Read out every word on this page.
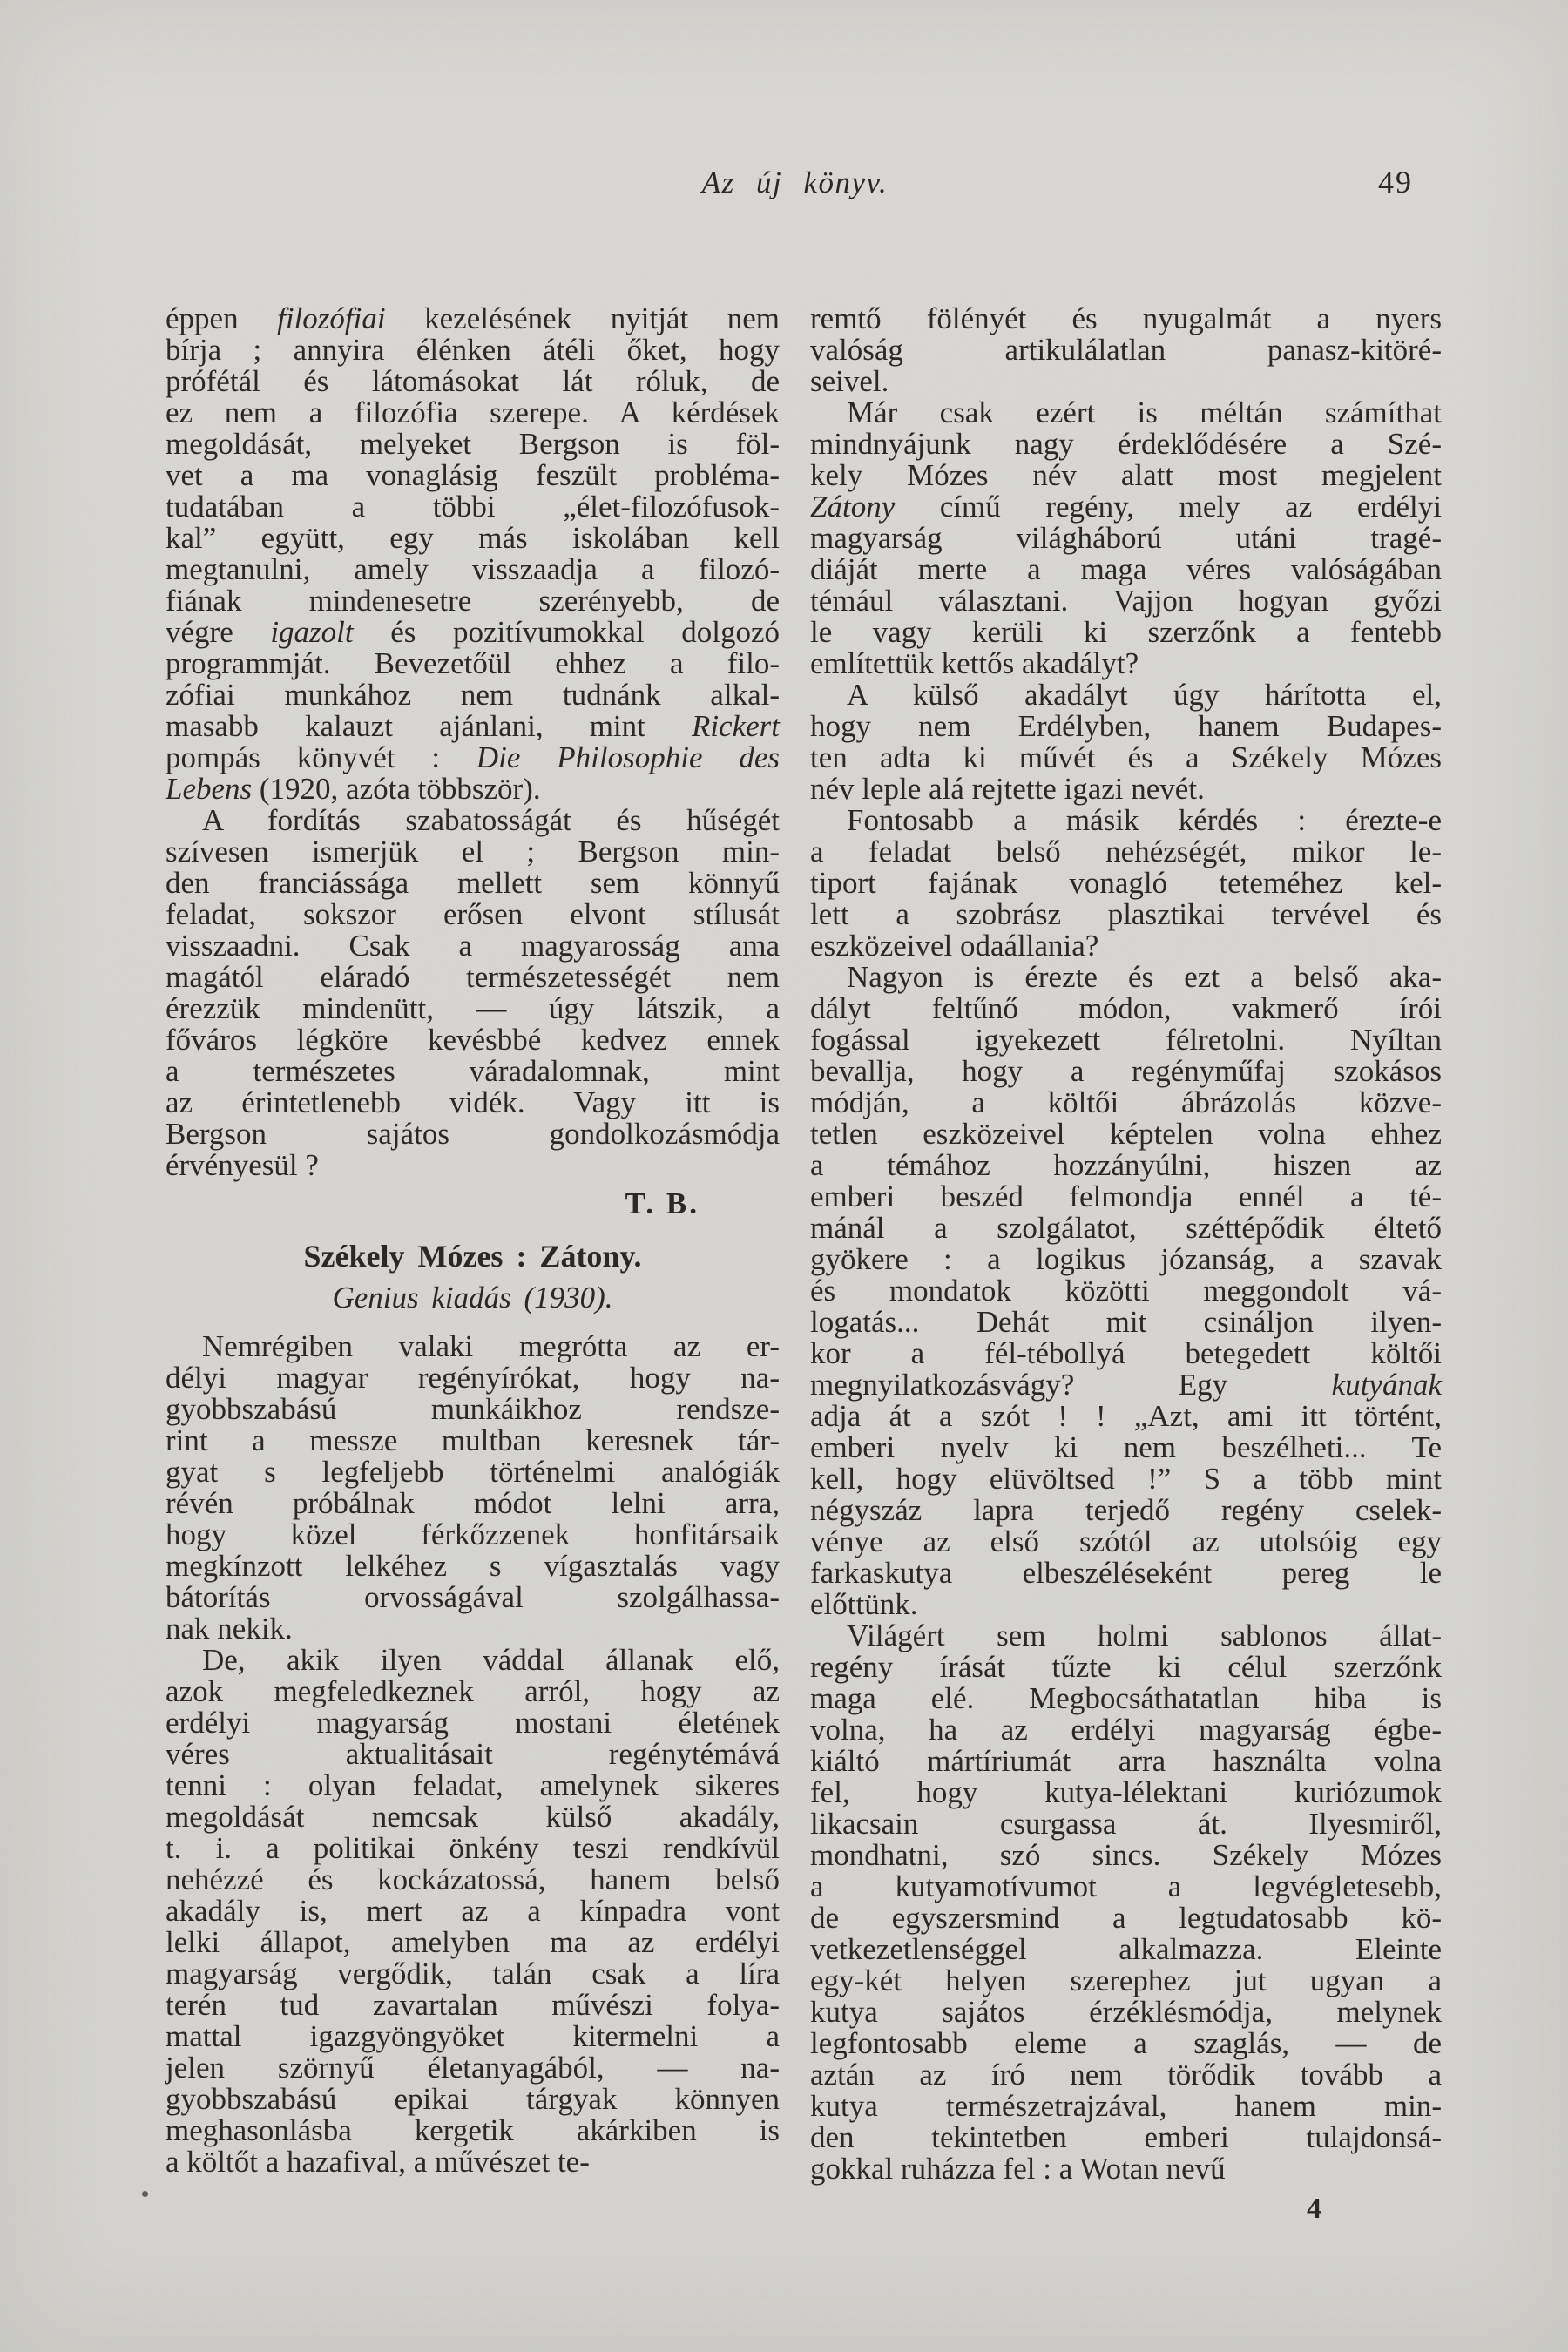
Az új könyv.	49
éppen filozófiai kezelésének nyitját nem
bírja ; annyira élénken átéli őket, hogy
prófétál és látomásokat lát róluk, de
ez nem a filozófia szerepe. A kérdések
megoldását, melyeket Bergson is föl-
vet a ma vonaglásig feszült probléma-
tudatában a többi „élet-filozófusok-
kal” együtt, egy más iskolában kell
megtanulni, amely visszaadja a filozó-
fiának mindenesetre szerényebb, de
végre igazolt és pozitívumokkal dolgozó
programmját. Bevezetőül ehhez a filo-
zófiai munkához nem tudnánk alkal-
masabb kalauzt ajánlani, mint Rickert
pompás könyvét : Die Philosophie des
Lebens (1920, azóta többször).
A fordítás szabatosságát és hűségét
szívesen ismerjük el ; Bergson min-
den franciássága mellett sem könnyű
feladat, sokszor erősen elvont stílusát
visszaadni. Csak a magyarosság ama
magától eláradó természetességét nem
érezzük mindenütt, — úgy látszik, a
főváros légköre kevésbbé kedvez ennek
a természetes váradalomnak, mint
az érintetlenebb vidék. Vagy itt is
Bergson sajátos gondolkozásmódja
érvényesül ?
T. B.
Székely Mózes : Zátony.
Genius kiadás (1930).
Nemrégiben valaki megrótta az er-
délyi magyar regényírókat, hogy na-
gyobbszabású munkáikhoz rendsze-
rint a messze multban keresnek tár-
gyat s legfeljebb történelmi analógiák
révén próbálnak módot lelni arra,
hogy közel férkőzzenek honfitársaik
megkínzott lelkéhez s vígasztalás vagy
bátorítás orvosságával szolgálhassa-
nak nekik.
De, akik ilyen váddal állanak elő,
azok megfeledkeznek arról, hogy az
erdélyi magyarság mostani életének
véres aktualitásait regénytémává
tenni : olyan feladat, amelynek sikeres
megoldását nemcsak külső akadály,
t. i. a politikai önkény teszi rendkívül
nehézzé és kockázatossá, hanem belső
akadály is, mert az a kínpadra vont
lelki állapot, amelyben ma az erdélyi
magyarság vergődik, talán csak a líra
terén tud zavartalan művészi folya-
mattal igazgyöngyöket kitermelni a
jelen szörnyű életanyagából, — na-
gyobbszabású epikai tárgyak könnyen
meghasonlásba kergetik akárkiben is
a költőt a hazafival, a művészet te-
remtő fölényét és nyugalmát a nyers
valóság artikulálatlan panasz-kitöré-
seivel.
Már csak ezért is méltán számíthat
mindnyájunk nagy érdeklődésére a Szé-
kely Mózes név alatt most megjelent
Zátony című regény, mely az erdélyi
magyarság világháború utáni tragé-
diáját merte a maga véres valóságában
témául választani. Vajjon hogyan győzi
le vagy kerüli ki szerzőnk a fentebb
említettük kettős akadályt?
A külső akadályt úgy hárította el,
hogy nem Erdélyben, hanem Budapes-
ten adta ki művét és a Székely Mózes
név leple alá rejtette igazi nevét.
Fontosabb a másik kérdés : érezte-e
a feladat belső nehézségét, mikor le-
tiport fajának vonagló teteméhez kel-
lett a szobrász plasztikai tervével és
eszközeivel odaállania?
Nagyon is érezte és ezt a belső aka-
dályt feltűnő módon, vakmerő írói
fogással igyekezett félretolni. Nyíltan
bevallja, hogy a regényműfaj szokásos
módján, a költői ábrázolás közve-
tetlen eszközeivel képtelen volna ehhez
a témához hozzányúlni, hiszen az
emberi beszéd felmondja ennél a té-
mánál a szolgálatot, széttépődik éltető
gyökere : a logikus józanság, a szavak
és mondatok közötti meggondolt vá-
logatás... Dehát mit csináljon ilyen-
kor a fél-tébollyá betegedett költői
megnyilatkozásvágy? Egy kutyának
adja át a szót ! ! „Azt, ami itt történt,
emberi nyelv ki nem beszélheti... Te
kell, hogy elüvöltsed !” S a több mint
négyszáz lapra terjedő regény cselek-
vénye az első szótól az utolsóig egy
farkaskutya elbeszéléseként pereg le
előttünk.
Világért sem holmi sablonos állat-
regény írását tűzte ki célul szerzőnk
maga elé. Megbocsáthatatlan hiba is
volna, ha az erdélyi magyarság égbe-
kiáltó mártíriumát arra használta volna
fel, hogy kutya-lélektani kuriózumok
likacsain csurgassa át. Ilyesmiről,
mondhatni, szó sincs. Székely Mózes
a kutyamotívumot a legvégletesebb,
de egyszersmind a legtudatosabb kö-
vetkezetlenséggel alkalmazza. Eleinte
egy-két helyen szerephez jut ugyan a
kutya sajátos érzéklésmódja, melynek
legfontosabb eleme a szaglás, — de
aztán az író nem törődik tovább a
kutya természetrajzával, hanem min-
den tekintetben emberi tulajdonsá-
gokkal ruházza fel : a Wotan nevű
4
